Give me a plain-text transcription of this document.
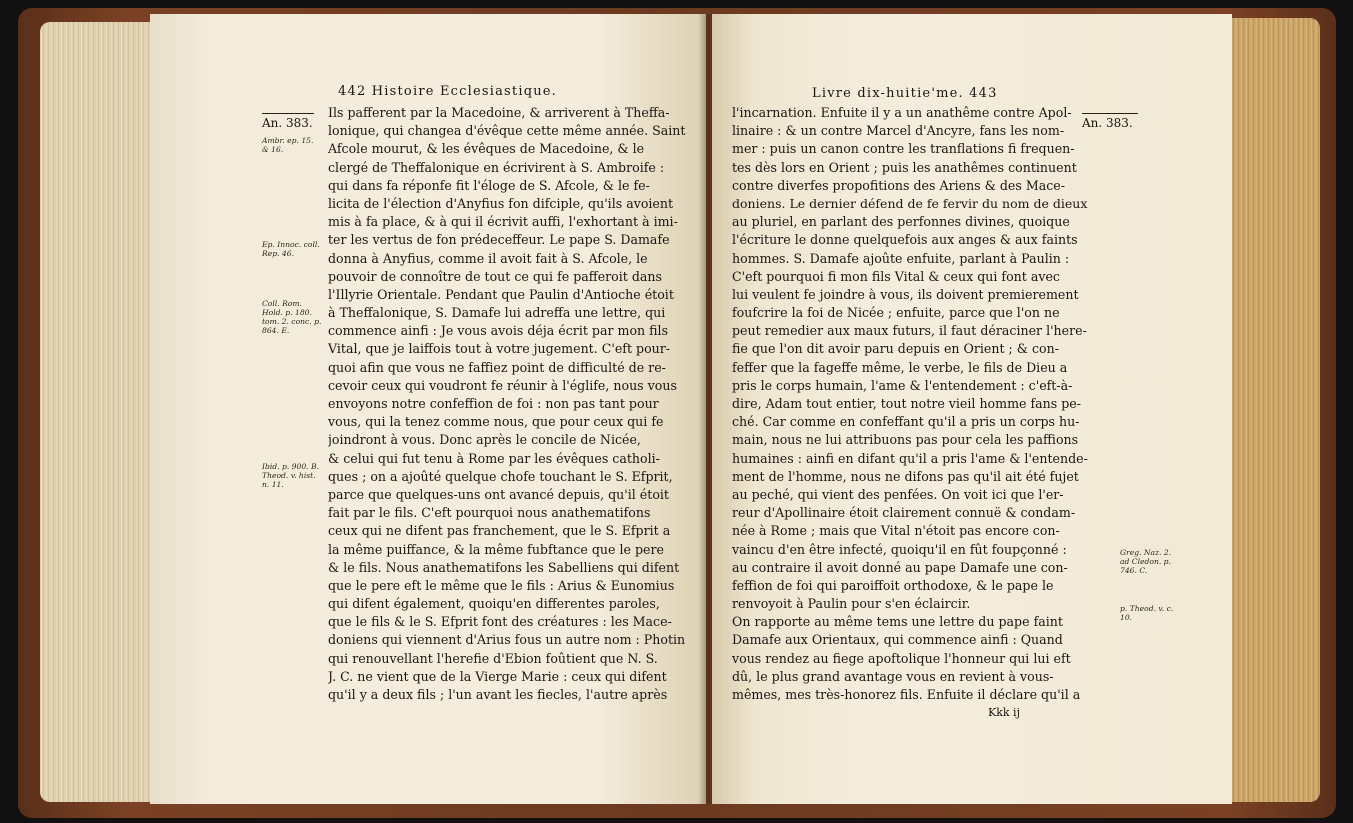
442 Histoire Ecclesiastique.
An. 383.
Ambr. ep. 15.
& 16.
Ep. Innoc. coll.
Rep. 46.
Coll. Rom.
Hold. p. 180.
tom. 2. conc. p.
864. E.
Ibid. p. 900. B.
Theod. v. hist.
n. 11.
Ils pafferent par la Macedoine, & arriverent à Theffa-
lonique, qui changea d'évêque cette même année. Saint
Afcole mourut, & les évêques de Macedoine, & le
clergé de Theffalonique en écrivirent à S. Ambroife :
qui dans fa réponfe fit l'éloge de S. Afcole, & le fe-
licita de l'élection d'Anyfius fon difciple, qu'ils avoient
mis à fa place, & à qui il écrivit auffi, l'exhortant à imi-
ter les vertus de fon prédeceffeur. Le pape S. Damafe
donna à Anyfius, comme il avoit fait à S. Afcole, le
pouvoir de connoître de tout ce qui fe pafferoit dans
l'Illyrie Orientale. Pendant que Paulin d'Antioche étoit
à Theffalonique, S. Damafe lui adreffa une lettre, qui
commence ainfi : Je vous avois déja écrit par mon fils
Vital, que je laiffois tout à votre jugement. C'eft pour-
quoi afin que vous ne faffiez point de difficulté de re-
cevoir ceux qui voudront fe réunir à l'églife, nous vous
envoyons notre confeffion de foi : non pas tant pour
vous, qui la tenez comme nous, que pour ceux qui fe
joindront à vous. Donc après le concile de Nicée,
& celui qui fut tenu à Rome par les évêques catholi-
ques ; on a ajoûté quelque chofe touchant le S. Efprit,
parce que quelques-uns ont avancé depuis, qu'il étoit
fait par le fils. C'eft pourquoi nous anathematifons
ceux qui ne difent pas franchement, que le S. Efprit a
la même puiffance, & la même fubftance que le pere
& le fils. Nous anathematifons les Sabelliens qui difent
que le pere eft le même que le fils : Arius & Eunomius
qui difent également, quoiqu'en differentes paroles,
que le fils & le S. Efprit font des créatures : les Mace-
doniens qui viennent d'Arius fous un autre nom : Photin
qui renouvellant l'herefie d'Ebion foûtient que N. S.
J. C. ne vient que de la Vierge Marie : ceux qui difent
qu'il y a deux fils ; l'un avant les fiecles, l'autre après
Livre dix-huitie'me. 443
An. 383.
Greg. Naz. 2.
ad Cledon. p.
746. C.
p. Theod. v. c.
10.
l'incarnation. Enfuite il y a un anathême contre Apol-
linaire : & un contre Marcel d'Ancyre, fans les nom-
mer : puis un canon contre les tranflations fi frequen-
tes dès lors en Orient ; puis les anathêmes continuent
contre diverfes propofitions des Ariens & des Mace-
doniens. Le dernier défend de fe fervir du nom de dieux
au pluriel, en parlant des perfonnes divines, quoique
l'écriture le donne quelquefois aux anges & aux faints
hommes. S. Damafe ajoûte enfuite, parlant à Paulin :
C'eft pourquoi fi mon fils Vital & ceux qui font avec
lui veulent fe joindre à vous, ils doivent premierement
foufcrire la foi de Nicée ; enfuite, parce que l'on ne
peut remedier aux maux futurs, il faut déraciner l'here-
fie que l'on dit avoir paru depuis en Orient ; & con-
feffer que la fageffe même, le verbe, le fils de Dieu a
pris le corps humain, l'ame & l'entendement : c'eft-à-
dire, Adam tout entier, tout notre vieil homme fans pe-
ché. Car comme en confeffant qu'il a pris un corps hu-
main, nous ne lui attribuons pas pour cela les paffions
humaines : ainfi en difant qu'il a pris l'ame & l'entende-
ment de l'homme, nous ne difons pas qu'il ait été fujet
au peché, qui vient des penfées. On voit ici que l'er-
reur d'Apollinaire étoit clairement connuë & condam-
née à Rome ; mais que Vital n'étoit pas encore con-
vaincu d'en être infecté, quoiqu'il en fût foupçonné :
au contraire il avoit donné au pape Damafe une con-
feffion de foi qui paroiffoit orthodoxe, & le pape le
renvoyoit à Paulin pour s'en éclaircir.
On rapporte au même tems une lettre du pape faint
Damafe aux Orientaux, qui commence ainfi : Quand
vous rendez au fiege apoftolique l'honneur qui lui eft
dû, le plus grand avantage vous en revient à vous-
mêmes, mes très-honorez fils. Enfuite il déclare qu'il a
Kkk ij
